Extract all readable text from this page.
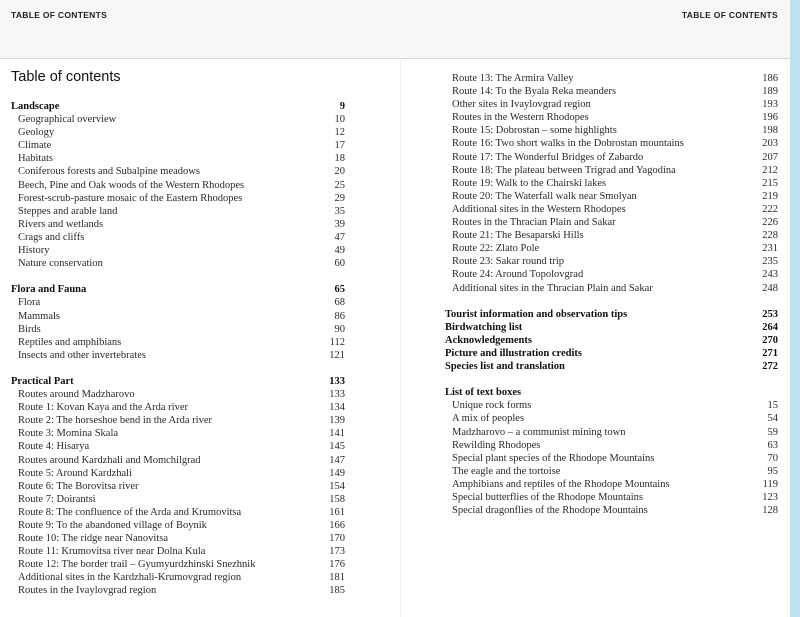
TABLE OF CONTENTS	TABLE OF CONTENTS
Table of contents
Landscape	9
Geographical overview	10
Geology	12
Climate	17
Habitats	18
Coniferous forests and Subalpine meadows	20
Beech, Pine and Oak woods of the Western Rhodopes	25
Forest-scrub-pasture mosaic of the Eastern Rhodopes	29
Steppes and arable land	35
Rivers and wetlands	39
Crags and cliffs	47
History	49
Nature conservation	60
Flora and Fauna	65
Flora	68
Mammals	86
Birds	90
Reptiles and amphibians	112
Insects and other invertebrates	121
Practical Part	133
Routes around Madzharovo	133
Route 1: Kovan Kaya and the Arda river	134
Route 2: The horseshoe bend in the Arda river	139
Route 3: Momina Skala	141
Route 4: Hisarya	145
Routes around Kardzhali and Momchilgrad	147
Route 5: Around Kardzhali	149
Route 6: The Borovitsa river	154
Route 7: Doirantsi	158
Route 8: The confluence of the Arda and Krumovitsa	161
Route 9: To the abandoned village of Boynik	166
Route 10: The ridge near Nanovitsa	170
Route 11: Krumovitsa river near Dolna Kula	173
Route 12: The border trail – Gyumyurdzhinski Snezhnik	176
Additional sites in the Kardzhali-Krumovgrad region	181
Routes in the Ivaylovgrad region	185
Route 13: The Armira Valley	186
Route 14: To the Byala Reka meanders	189
Other sites in Ivaylovgrad region	193
Routes in the Western Rhodopes	196
Route 15: Dobrostan – some highlights	198
Route 16: Two short walks in the Dobrostan mountains	203
Route 17: The Wonderful Bridges of Zabardo	207
Route 18: The plateau between Trigrad and Yagodina	212
Route 19: Walk to the Chairski lakes	215
Route 20: The Waterfall walk near Smolyan	219
Additional sites in the Western Rhodopes	222
Routes in the Thracian Plain and Sakar	226
Route 21: The Besaparski Hills	228
Route 22: Zlato Pole	231
Route 23: Sakar round trip	235
Route 24: Around Topolovgrad	243
Additional sites in the Thracian Plain and Sakar	248
Tourist information and observation tips	253
Birdwatching list	264
Acknowledgements	270
Picture and illustration credits	271
Species list and translation	272
List of text boxes
Unique rock forms	15
A mix of peoples	54
Madzharovo – a communist mining town	59
Rewilding Rhodopes	63
Special plant species of the Rhodope Mountains	70
The eagle and the tortoise	95
Amphibians and reptiles of the Rhodope Mountains	119
Special butterflies of the Rhodope Mountains	123
Special dragonflies of the Rhodope Mountains	128
